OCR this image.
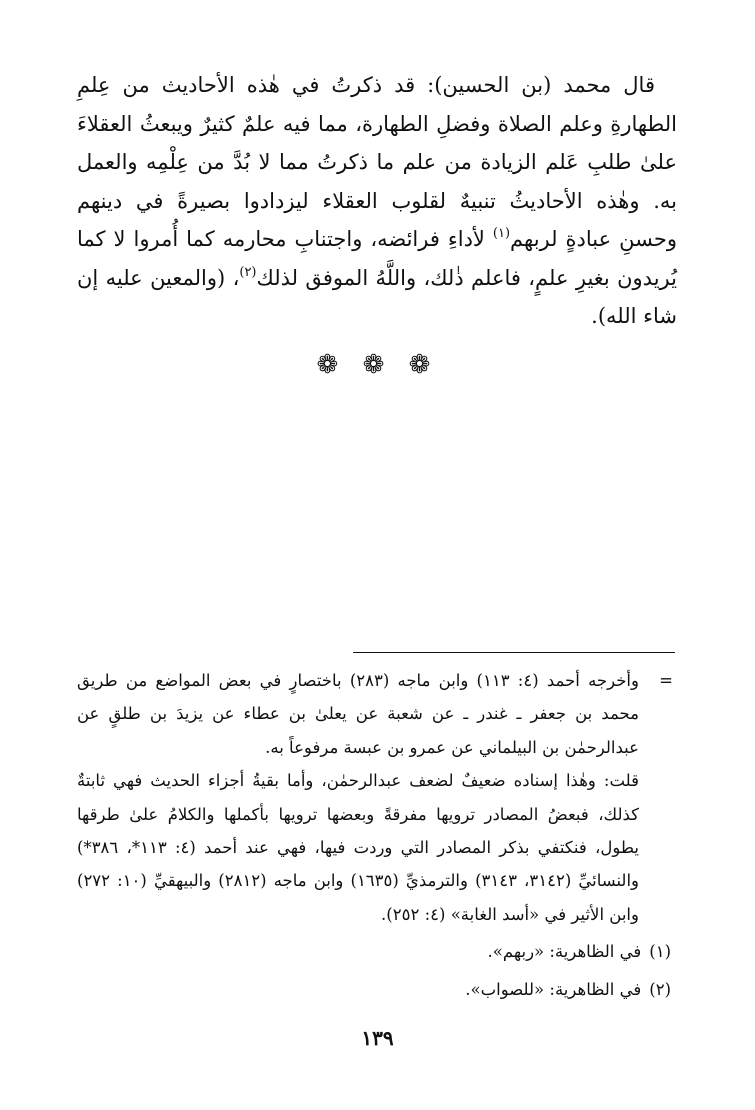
قال محمد (بن الحسين): قد ذكرتُ في هٰذه الأحاديث من عِلمِ الطهارةِ وعلم الصلاة وفضلِ الطهارة، مما فيه علمٌ كثيرٌ ويبعثُ العقلاءَ علىٰ طلبِ عَلم الزيادة من علم ما ذكرتُ مما لا بُدَّ من عِلْمِه والعمل به. وهٰذه الأحاديثُ تنبيهٌ لقلوب العقلاء ليزدادوا بصيرةً في دينهم وحسنِ عبادةٍ لربهم$^{(١)}$ لأداءِ فرائضه، واجتنابِ محارمه كما أُمروا لا كما يُريدون بغيرِ علمٍ، فاعلم ذٰلك، واللَّهُ الموفق لذلك$^{(٢)}$، (والمعين عليه إن شاء الله).

❁ ❁ ❁
=
وأخرجه أحمد (٤: ١١٣) وابن ماجه (٢٨٣) باختصارٍ في بعض المواضع من طريق محمد بن جعفر ـ غندر ـ عن شعبة عن يعلىٰ بن عطاء عن يزيدَ بن طلقٍ عن عبدالرحمٰن بن البيلماني عن عمرو بن عبسة مرفوعاً به.
قلت: وهٰذا إسناده ضعيفٌ لضعف عبدالرحمٰن، وأما بقيةُ أجزاء الحديث فهي ثابتةٌ كذلك، فبعضُ المصادر ترويها مفرقةً وبعضها ترويها بأكملها والكلامُ علىٰ طرقها يطول، فنكتفي بذكر المصادر التي وردت فيها، فهي عند أحمد (٤: ١١٣*، ٣٨٦*) والنسائيِّ (٣١٤٢، ٣١٤٣) والترمذيِّ (١٦٣٥) وابن ماجه (٢٨١٢) والبيهقيِّ (١٠: ٢٧٢) وابن الأثير في «أسد الغابة» (٤: ٢٥٢).
(١)في الظاهرية: «ربهم».
(٢)في الظاهرية: «للصواب».
١٣٩
